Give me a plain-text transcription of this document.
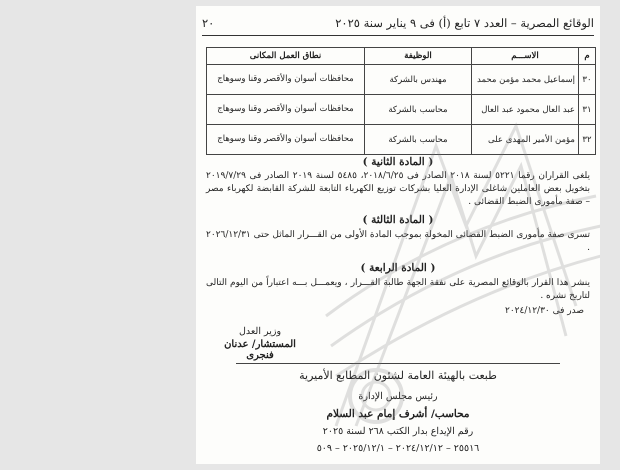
الوقائع المصرية – العدد ٧ تابع (أ) فى ٩ يناير سنة ٢٠٢٥
٢٠
م	الاســـم	الوظيفة	نطاق العمل المكانى
٣٠	إسماعيل محمد مؤمن محمد	مهندس بالشركة	محافظات أسوان والأقصر وقنا وسوهاج
٣١	عبد العال محمود عبد العال	محاسب بالشركة	محافظات أسوان والأقصر وقنا وسوهاج
٣٢	مؤمن الأمير المهدى على	محاسب بالشركة	محافظات أسوان والأقصر وقنا وسوهاج
( المادة الثانية )
يلغى القراران رقما ٥٢٢١ لسنة ٢٠١٨ الصادر فى ٢٠١٨/٦/٢٥، ٥٤٨٥ لسنة ٢٠١٩ الصادر فى ٢٠١٩/٧/٢٩ بتخويل بعض العاملين شاغلى الإدارة العليا بشركات توزيع الكهرباء التابعة للشركة القابضة لكهرباء مصر – صفة مأمورى الضبط القضائى .
( المادة الثالثة )
تسرى صفة مأمورى الضبط القضائى المخولة بموجب المادة الأولى من القـــرار الماثل حتى ٢٠٢٦/١٢/٣١ .
( المادة الرابعة )
ينشر هذا القرار بالوقائع المصرية على نفقة الجهة طالبة القـــرار ، ويعمـــل بـــه اعتباراً من اليوم التالى لتاريخ نشره .
صدر فى ٢٠٢٤/١٢/٣٠
وزير العدل
المستشار/ عدنان فنجرى
طبعت بالهيئة العامة لشئون المطابع الأميرية
رئيس مجلس الإدارة
محاسب/ أشرف إمام عبد السلام
رقم الإيداع بدار الكتب ٢٦٨ لسنة ٢٠٢٥
٢٥٥١٦ – ٢٠٢٤/١٢/١٢ – ٢٠٢٥/١٢/١ – ٥٠٩
